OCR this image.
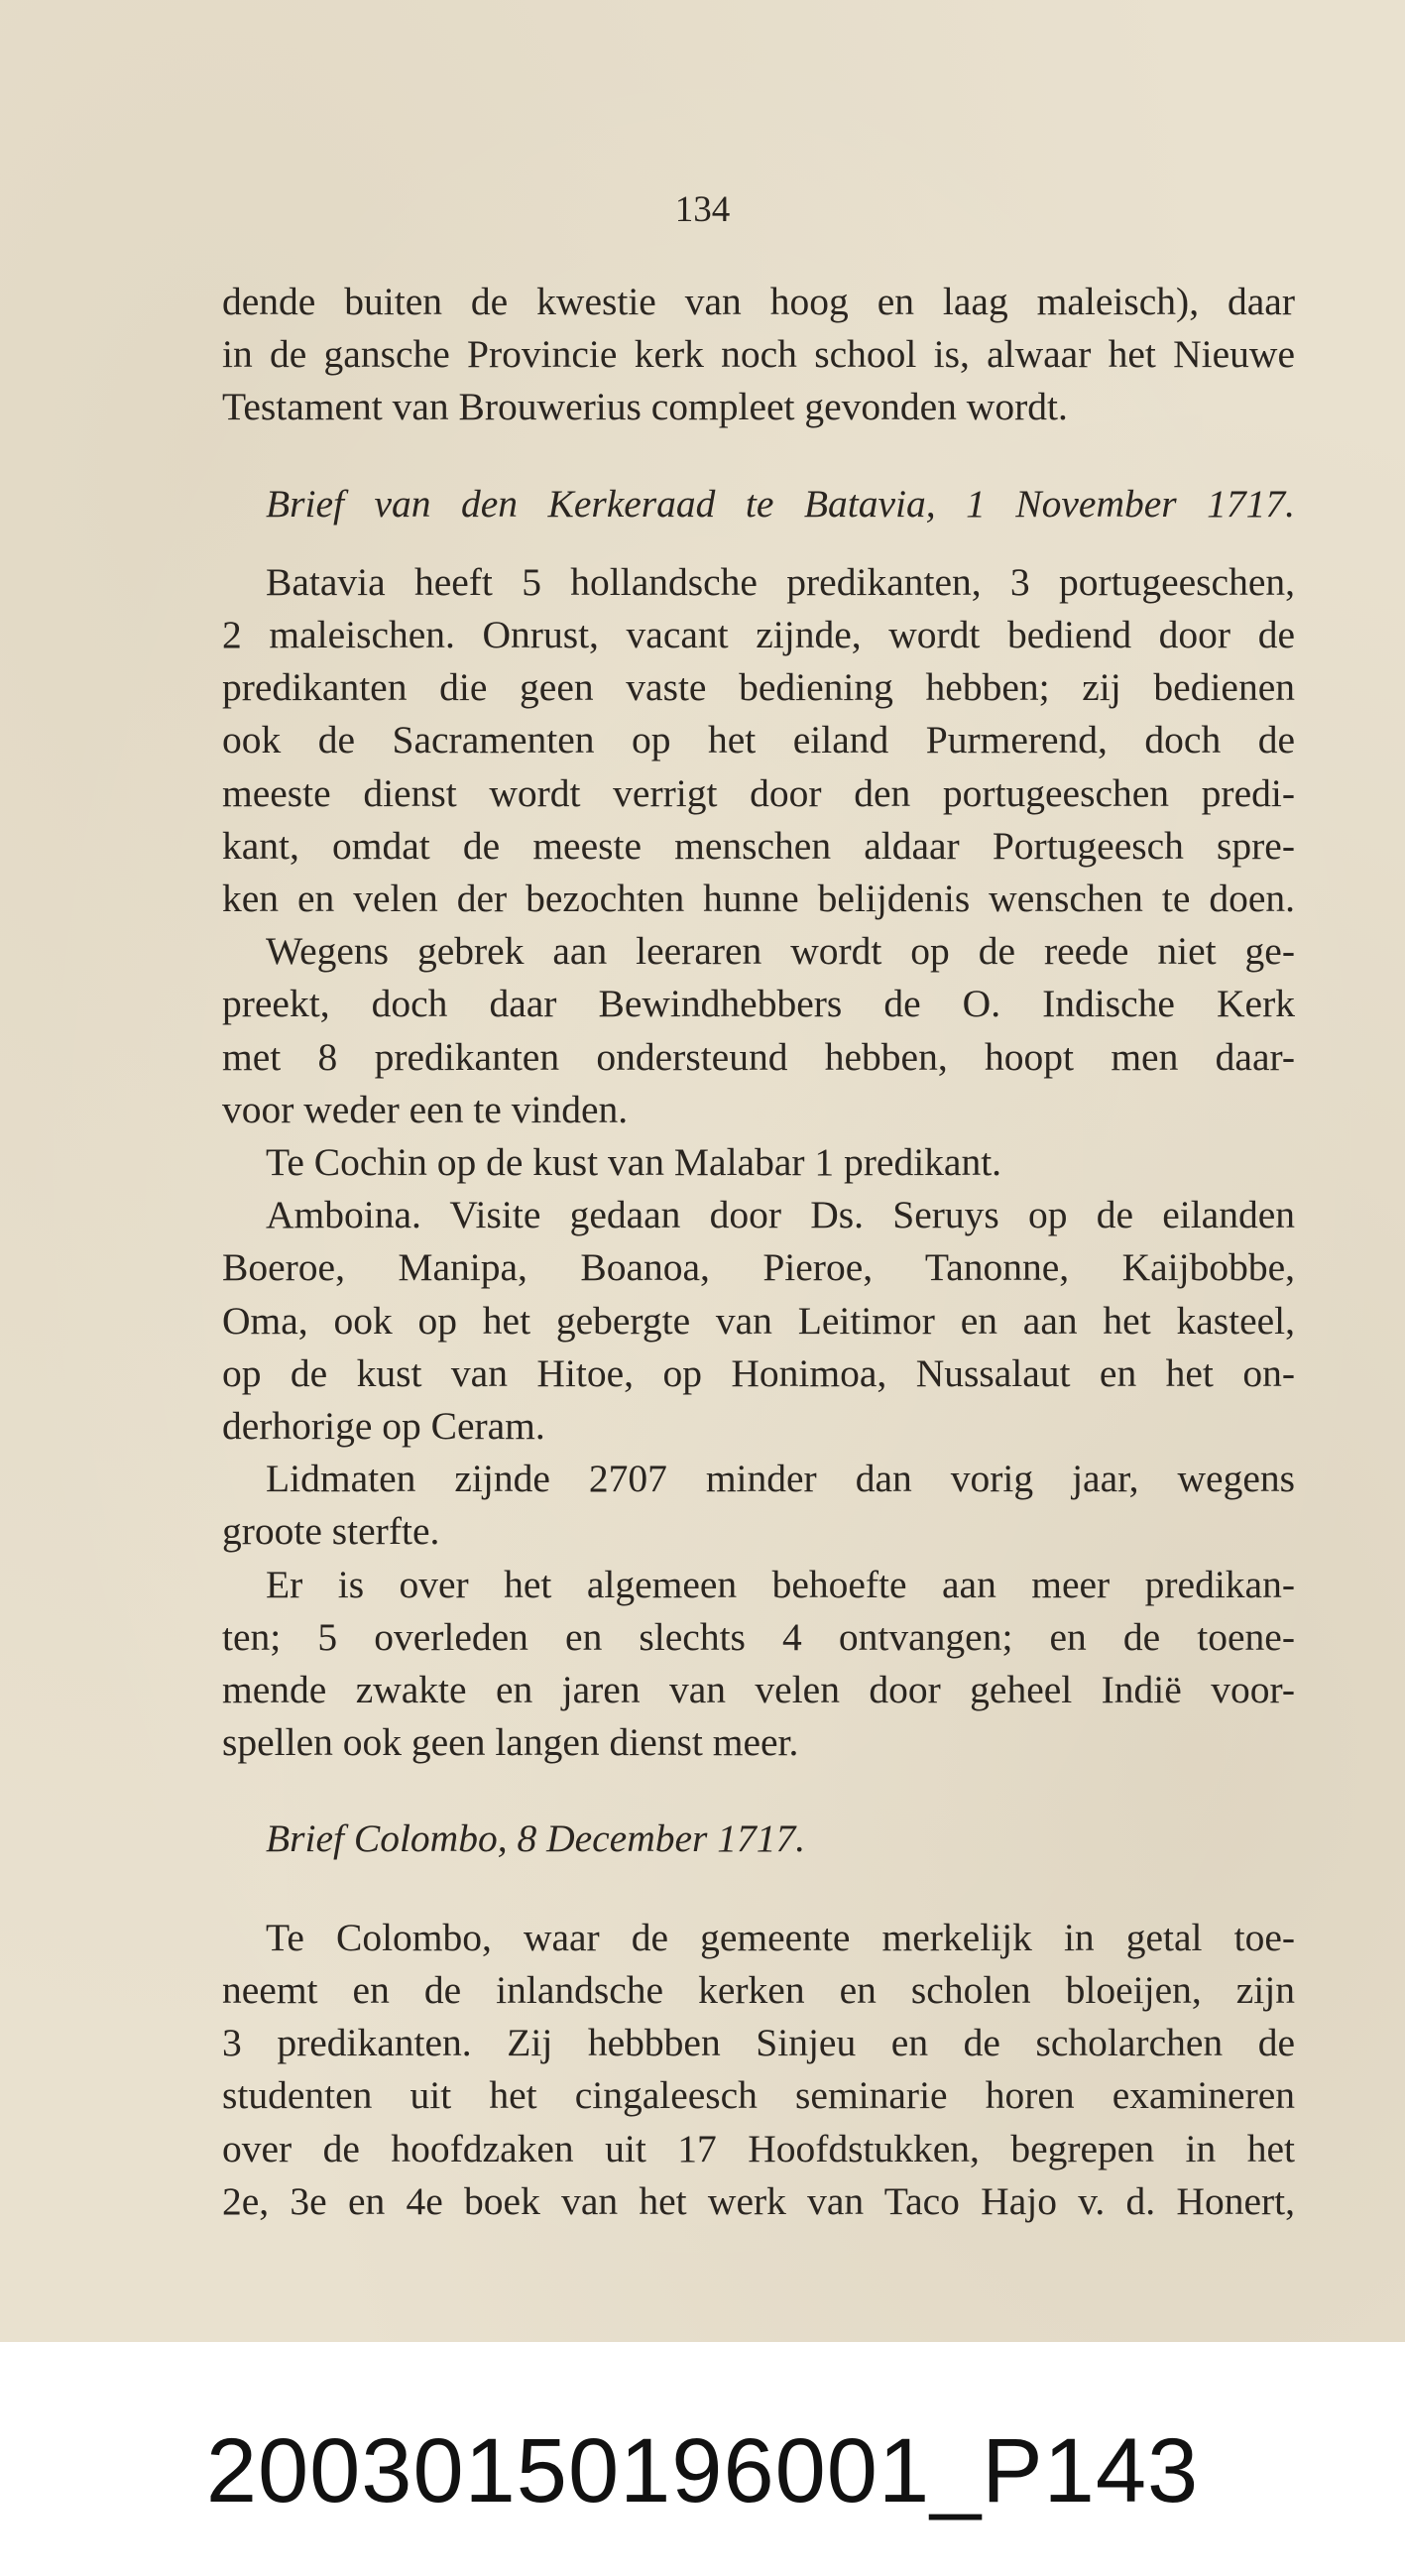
134
dende buiten de kwestie van hoog en laag maleisch), daar
in de gansche Provincie kerk noch school is, alwaar het Nieuwe
Testament van Brouwerius compleet gevonden wordt.
Brief van den Kerkeraad te Batavia, 1 November 1717.
Batavia heeft 5 hollandsche predikanten, 3 portugeeschen,
2 maleischen. Onrust, vacant zijnde, wordt bediend door de
predikanten die geen vaste bediening hebben; zij bedienen
ook de Sacramenten op het eiland Purmerend, doch de
meeste dienst wordt verrigt door den portugeeschen predi-
kant, omdat de meeste menschen aldaar Portugeesch spre-
ken en velen der bezochten hunne belijdenis wenschen te doen.
Wegens gebrek aan leeraren wordt op de reede niet ge-
preekt, doch daar Bewindhebbers de O. Indische Kerk
met 8 predikanten ondersteund hebben, hoopt men daar-
voor weder een te vinden.
Te Cochin op de kust van Malabar 1 predikant.
Amboina. Visite gedaan door Ds. Seruys op de eilanden
Boeroe, Manipa, Boanoa, Pieroe, Tanonne, Kaijbobbe,
Oma, ook op het gebergte van Leitimor en aan het kasteel,
op de kust van Hitoe, op Honimoa, Nussalaut en het on-
derhorige op Ceram.
Lidmaten zijnde 2707 minder dan vorig jaar, wegens
groote sterfte.
Er is over het algemeen behoefte aan meer predikan-
ten; 5 overleden en slechts 4 ontvangen; en de toene-
mende zwakte en jaren van velen door geheel Indië voor-
spellen ook geen langen dienst meer.
Brief Colombo, 8 December 1717.
Te Colombo, waar de gemeente merkelijk in getal toe-
neemt en de inlandsche kerken en scholen bloeijen, zijn
3 predikanten. Zij hebbben Sinjeu en de scholarchen de
studenten uit het cingaleesch seminarie horen examineren
over de hoofdzaken uit 17 Hoofdstukken, begrepen in het
2e, 3e en 4e boek van het werk van Taco Hajo v. d. Honert,
20030150196001_P143
